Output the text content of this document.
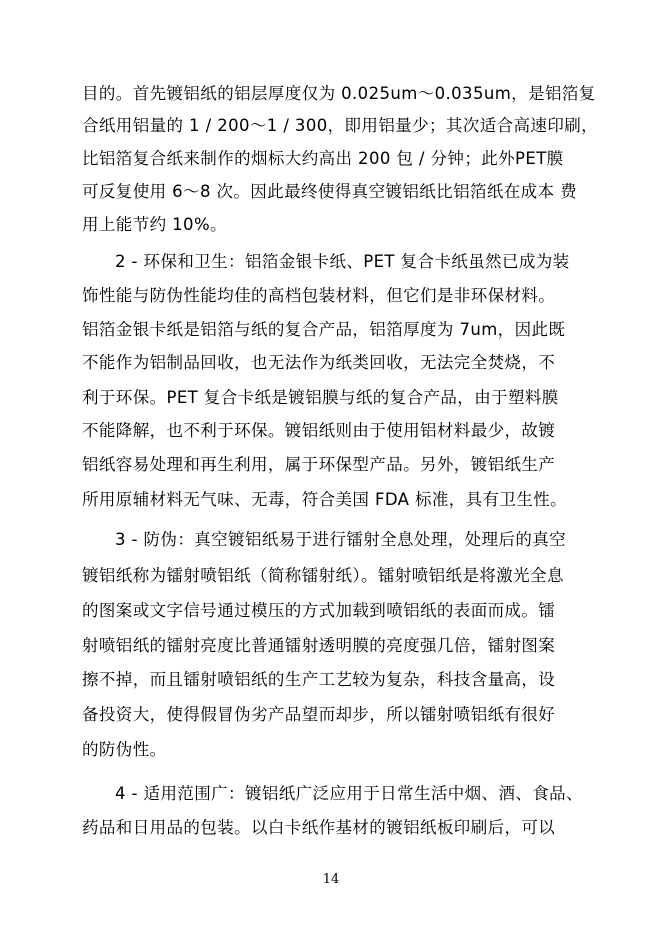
目的。首先镀铝纸的铝层厚度仅为 0.025um～0.035um，是铝箔复
合纸用铝量的 1 / 200～1 / 300，即用铝量少；其次适合高速印刷，
比铝箔复合纸来制作的烟标大约高出 200 包 / 分钟；此外PET膜
可反复使用 6～8 次。因此最终使得真空镀铝纸比铝箔纸在成本 费
用上能节约 10%。
2 - 环保和卫生：铝箔金银卡纸、PET 复合卡纸虽然已成为装
饰性能与防伪性能均佳的高档包装材料，但它们是非环保材料。
铝箔金银卡纸是铝箔与纸的复合产品，铝箔厚度为 7um，因此既
不能作为铝制品回收，也无法作为纸类回收，无法完全焚烧，不
利于环保。PET 复合卡纸是镀铝膜与纸的复合产品，由于塑料膜
不能降解，也不利于环保。镀铝纸则由于使用铝材料最少，故镀
铝纸容易处理和再生利用，属于环保型产品。另外，镀铝纸生产
所用原辅材料无气味、无毒，符合美国 FDA 标准，具有卫生性。
3 - 防伪：真空镀铝纸易于进行镭射全息处理，处理后的真空
镀铝纸称为镭射喷铝纸（简称镭射纸）。镭射喷铝纸是将激光全息
的图案或文字信号通过模压的方式加载到喷铝纸的表面而成。镭
射喷铝纸的镭射亮度比普通镭射透明膜的亮度强几倍，镭射图案
擦不掉，而且镭射喷铝纸的生产工艺较为复杂，科技含量高，设
备投资大，使得假冒伪劣产品望而却步，所以镭射喷铝纸有很好
的防伪性。
4 - 适用范围广：镀铝纸广泛应用于日常生活中烟、酒、食品、
药品和日用品的包装。以白卡纸作基材的镀铝纸板印刷后，可以
14
